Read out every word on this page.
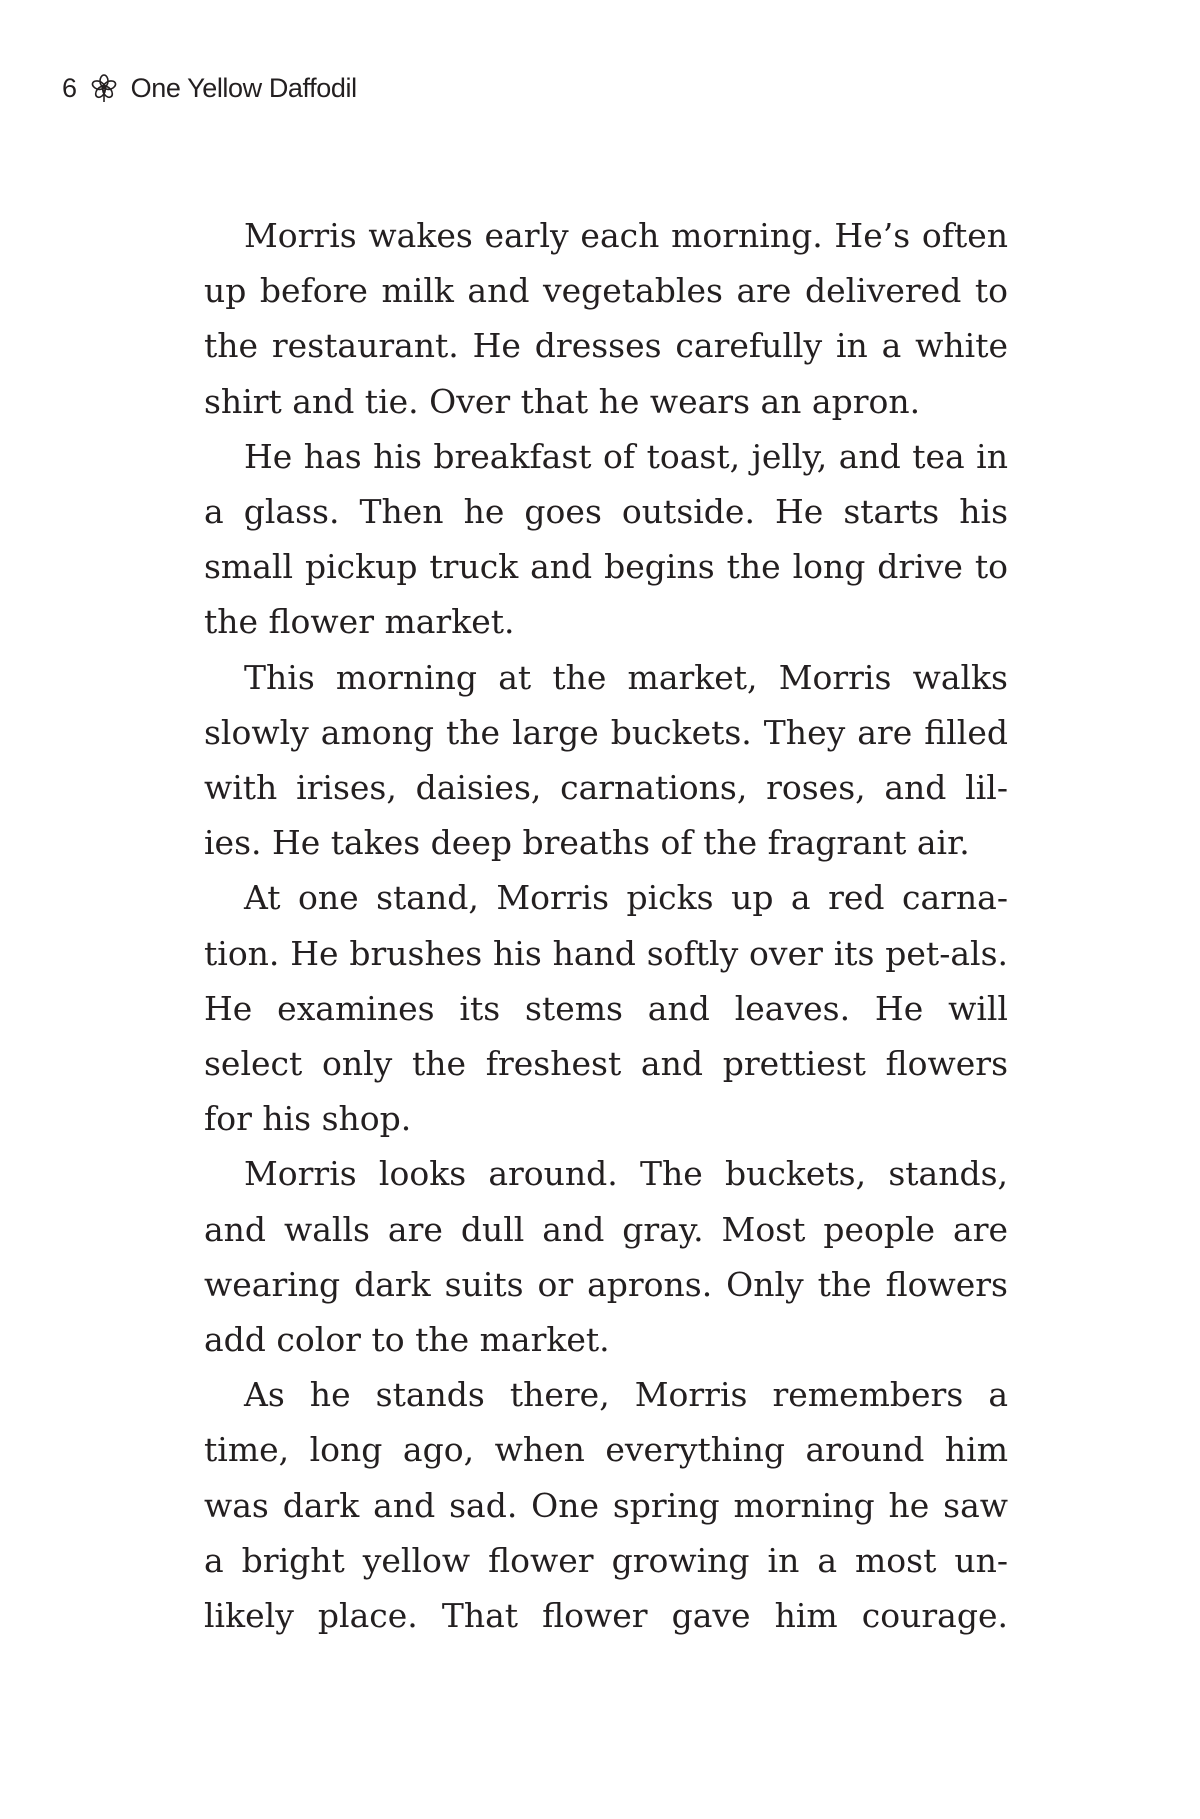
6 One Yellow Daffodil

Morris wakes early each morning. He’s often up before milk and vegetables are delivered to the restaurant. He dresses carefully in a white shirt and tie. Over that he wears an apron.

He has his breakfast of toast, jelly, and tea in a glass. Then he goes outside. He starts his small pickup truck and begins the long drive to the flower market.

This morning at the market, Morris walks slowly among the large buckets. They are filled with irises, daisies, carnations, roses, and lil-ies. He takes deep breaths of the fragrant air.

At one stand, Morris picks up a red carna-tion. He brushes his hand softly over its pet-als. He examines its stems and leaves. He will select only the freshest and prettiest flowers for his shop.

Morris looks around. The buckets, stands, and walls are dull and gray. Most people are wearing dark suits or aprons. Only the flowers add color to the market.

As he stands there, Morris remembers a time, long ago, when everything around him was dark and sad. One spring morning he saw a bright yellow flower growing in a most un-likely place. That flower gave him courage.
